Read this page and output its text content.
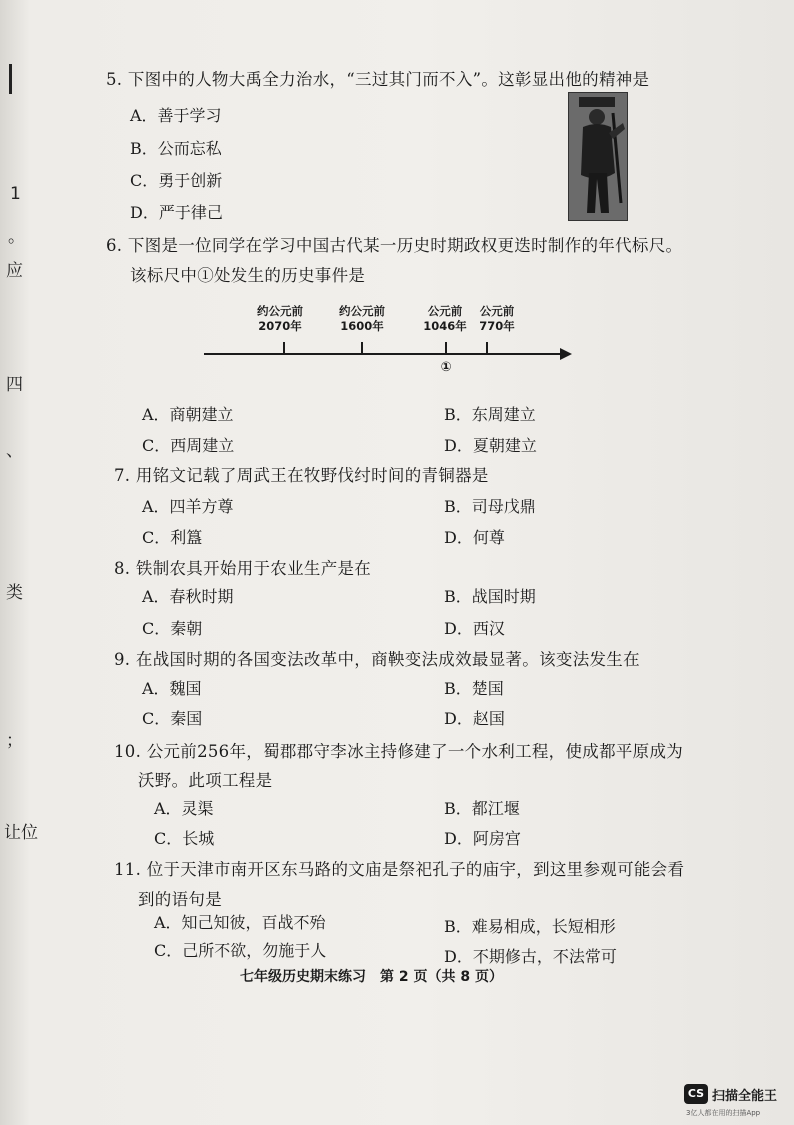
1
。
应
四
、
类
；
让位
5. 下图中的人物大禹全力治水，“三过其门而不入”。这彰显出他的精神是
A．善于学习
B．公而忘私
C．勇于创新
D．严于律己
6. 下图是一位同学在学习中国古代某一历史时期政权更迭时制作的年代标尺。
该标尺中①处发生的历史事件是
约公元前
2070年
约公元前
1600年
公元前
1046年
公元前
770年
①
A．商朝建立	B．东周建立
C．西周建立	D．夏朝建立
7. 用铭文记载了周武王在牧野伐纣时间的青铜器是
A．四羊方尊	B．司母戊鼎
C．利簋	D．何尊
8. 铁制农具开始用于农业生产是在
A．春秋时期	B．战国时期
C．秦朝	D．西汉
9. 在战国时期的各国变法改革中，商鞅变法成效最显著。该变法发生在
A．魏国	B．楚国
C．秦国	D．赵国
10. 公元前256年，蜀郡郡守李冰主持修建了一个水利工程，使成都平原成为
沃野。此项工程是
A．灵渠	B．都江堰
C．长城	D．阿房宫
11. 位于天津市南开区东马路的文庙是祭祀孔子的庙宇，到这里参观可能会看
到的语句是
A．知己知彼，百战不殆	B．难易相成，长短相形
C．己所不欲，勿施于人	D．不期修古，不法常可
七年级历史期末练习　第 2 页（共 8 页）
CS 扫描全能王
3亿人都在用的扫描App
